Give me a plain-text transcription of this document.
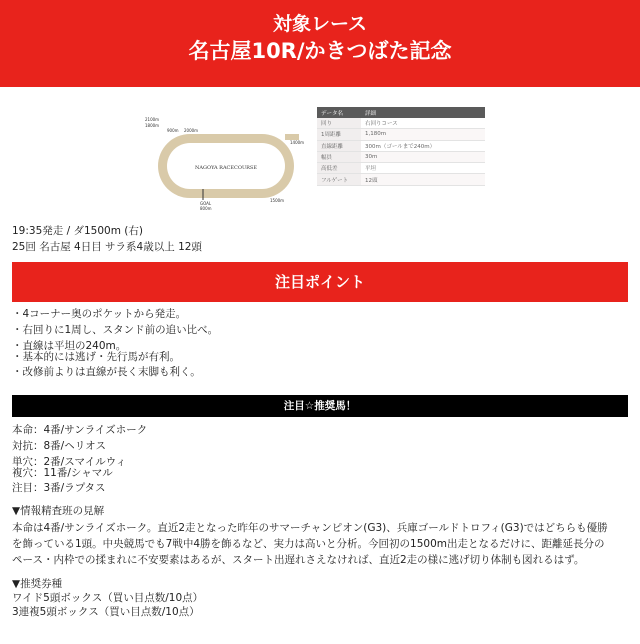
対象レース
名古屋10R/かきつばた記念
NAGOYA RACECOURSE
2100m
1800m
900m 2000m
1400m
GOAL
800m
1500m
データ名	詳細
回り	右回りコース
1周距離	1,180m
直線距離	300m（ゴールまで240m）
幅員	30m
高低差	平坦
フルゲート	12頭
19:35発走 / ダ1500m (右)
25回 名古屋 4日目 サラ系4歳以上 12頭
注目ポイント
・4コーナー奥のポケットから発走。
・右回りに1周し、スタンド前の追い比べ。
・直線は平坦の240m。
・基本的には逃げ・先行馬が有利。
・改修前よりは直線が長く末脚も利く。
注目☆推奨馬！
本命：4番/サンライズホーク
対抗：8番/ヘリオス
単穴：2番/スマイルウィ
複穴：11番/シャマル
注目：3番/ラプタス
▼情報精査班の見解
本命は4番/サンライズホーク。直近2走となった昨年のサマーチャンピオン(G3)、兵庫ゴールドトロフィ(G3)ではどちらも優勝
を飾っている1頭。中央競馬でも7戦中4勝を飾るなど、実力は高いと分析。今回初の1500m出走となるだけに、距離延長分の
ペース・内枠での揉まれに不安要素はあるが、スタート出遅れさえなければ、直近2走の様に逃げ切り体制も図れるはず。
▼推奨券種
ワイド5頭ボックス（買い目点数/10点）
3連複5頭ボックス（買い目点数/10点）
